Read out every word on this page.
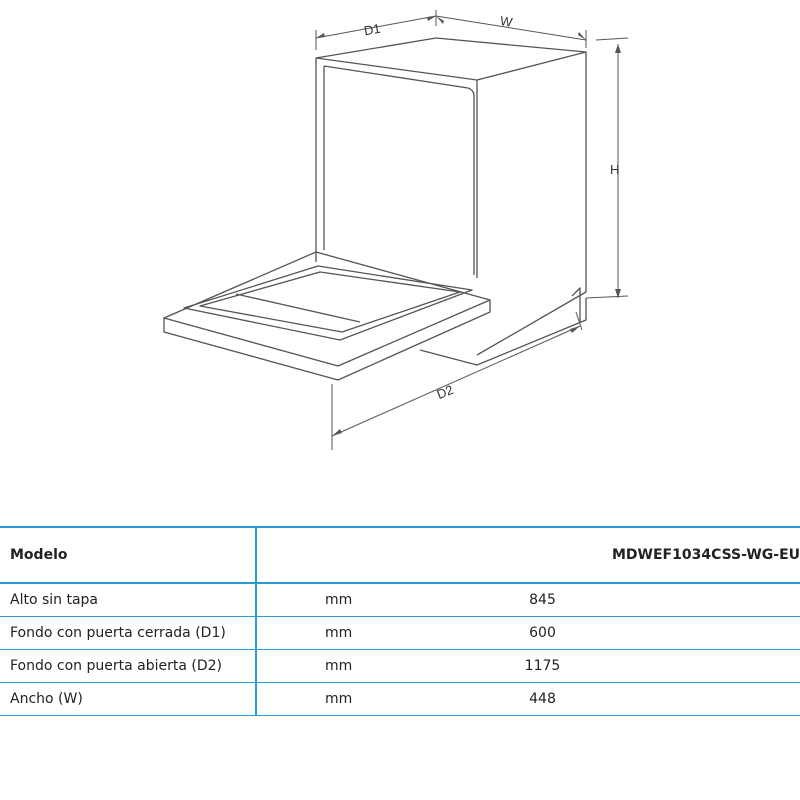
D1	W
H
D2
Modelo	MDWEF1034CSS-WG-EU	
Alto sin tapa	mm	845
Fondo con puerta cerrada (D1)	mm	600
Fondo con puerta abierta (D2)	mm	1175
Ancho (W)	mm	448
